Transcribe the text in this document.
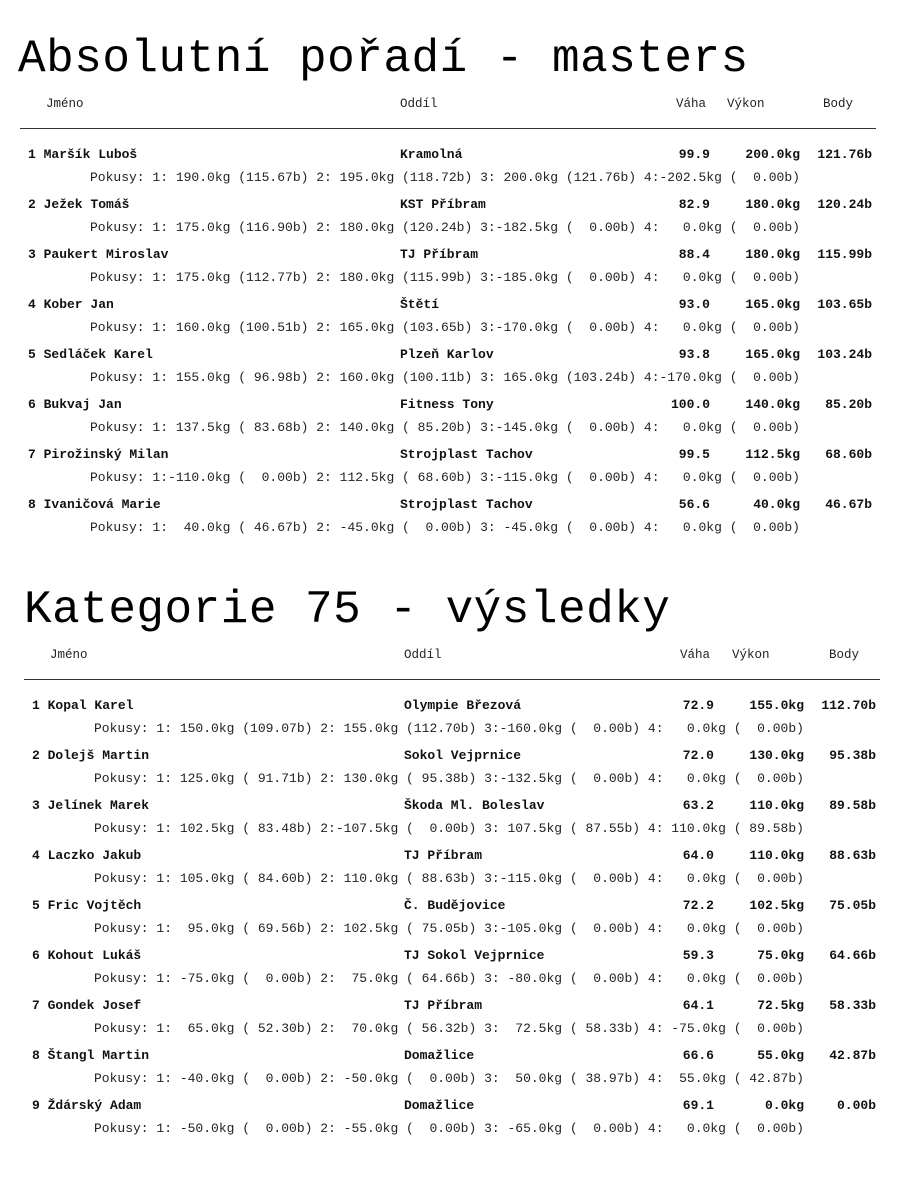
Absolutní pořadí - masters
Jméno	Oddíl	Váha Výkon	Body
1 Maršík Luboš	Kramolná	99.9	200.0kg 121.76b
Pokusy: 1: 190.0kg (115.67b) 2: 195.0kg (118.72b) 3: 200.0kg (121.76b) 4:-202.5kg (  0.00b)
2 Ježek Tomáš	KST Příbram	82.9	180.0kg 120.24b
Pokusy: 1: 175.0kg (116.90b) 2: 180.0kg (120.24b) 3:-182.5kg (  0.00b) 4:   0.0kg (  0.00b)
3 Paukert Miroslav	TJ Příbram	88.4	180.0kg 115.99b
Pokusy: 1: 175.0kg (112.77b) 2: 180.0kg (115.99b) 3:-185.0kg (  0.00b) 4:   0.0kg (  0.00b)
4 Kober Jan	Štětí	93.0	165.0kg 103.65b
Pokusy: 1: 160.0kg (100.51b) 2: 165.0kg (103.65b) 3:-170.0kg (  0.00b) 4:   0.0kg (  0.00b)
5 Sedláček Karel	Plzeň Karlov	93.8	165.0kg 103.24b
Pokusy: 1: 155.0kg ( 96.98b) 2: 160.0kg (100.11b) 3: 165.0kg (103.24b) 4:-170.0kg (  0.00b)
6 Bukvaj Jan	Fitness Tony	100.0	140.0kg 85.20b
Pokusy: 1: 137.5kg ( 83.68b) 2: 140.0kg ( 85.20b) 3:-145.0kg (  0.00b) 4:   0.0kg (  0.00b)
7 Pirožinský Milan	Strojplast Tachov	99.5	112.5kg 68.60b
Pokusy: 1:-110.0kg (  0.00b) 2: 112.5kg ( 68.60b) 3:-115.0kg (  0.00b) 4:   0.0kg (  0.00b)
8 Ivaničová Marie	Strojplast Tachov	56.6	40.0kg 46.67b
Pokusy: 1:  40.0kg ( 46.67b) 2: -45.0kg (  0.00b) 3: -45.0kg (  0.00b) 4:   0.0kg (  0.00b)
Kategorie 75 - výsledky
Jméno	Oddíl	Váha Výkon	Body
1 Kopal Karel	Olympie Březová	72.9	155.0kg 112.70b
Pokusy: 1: 150.0kg (109.07b) 2: 155.0kg (112.70b) 3:-160.0kg (  0.00b) 4:   0.0kg (  0.00b)
2 Dolejš Martin	Sokol Vejprnice	72.0	130.0kg 95.38b
Pokusy: 1: 125.0kg ( 91.71b) 2: 130.0kg ( 95.38b) 3:-132.5kg (  0.00b) 4:   0.0kg (  0.00b)
3 Jelínek Marek	Škoda Ml. Boleslav	63.2	110.0kg 89.58b
Pokusy: 1: 102.5kg ( 83.48b) 2:-107.5kg (  0.00b) 3: 107.5kg ( 87.55b) 4: 110.0kg ( 89.58b)
4 Laczko Jakub	TJ Příbram	64.0	110.0kg 88.63b
Pokusy: 1: 105.0kg ( 84.60b) 2: 110.0kg ( 88.63b) 3:-115.0kg (  0.00b) 4:   0.0kg (  0.00b)
5 Fric Vojtěch	Č. Budějovice	72.2	102.5kg 75.05b
Pokusy: 1:  95.0kg ( 69.56b) 2: 102.5kg ( 75.05b) 3:-105.0kg (  0.00b) 4:   0.0kg (  0.00b)
6 Kohout Lukáš	TJ Sokol Vejprnice	59.3	75.0kg 64.66b
Pokusy: 1: -75.0kg (  0.00b) 2:  75.0kg ( 64.66b) 3: -80.0kg (  0.00b) 4:   0.0kg (  0.00b)
7 Gondek Josef	TJ Příbram	64.1	72.5kg 58.33b
Pokusy: 1:  65.0kg ( 52.30b) 2:  70.0kg ( 56.32b) 3:  72.5kg ( 58.33b) 4: -75.0kg (  0.00b)
8 Štangl Martin	Domažlice	66.6	55.0kg 42.87b
Pokusy: 1: -40.0kg (  0.00b) 2: -50.0kg (  0.00b) 3:  50.0kg ( 38.97b) 4:  55.0kg ( 42.87b)
9 Ždárský Adam	Domažlice	69.1	0.0kg	0.00b
Pokusy: 1: -50.0kg (  0.00b) 2: -55.0kg (  0.00b) 3: -65.0kg (  0.00b) 4:   0.0kg (  0.00b)
